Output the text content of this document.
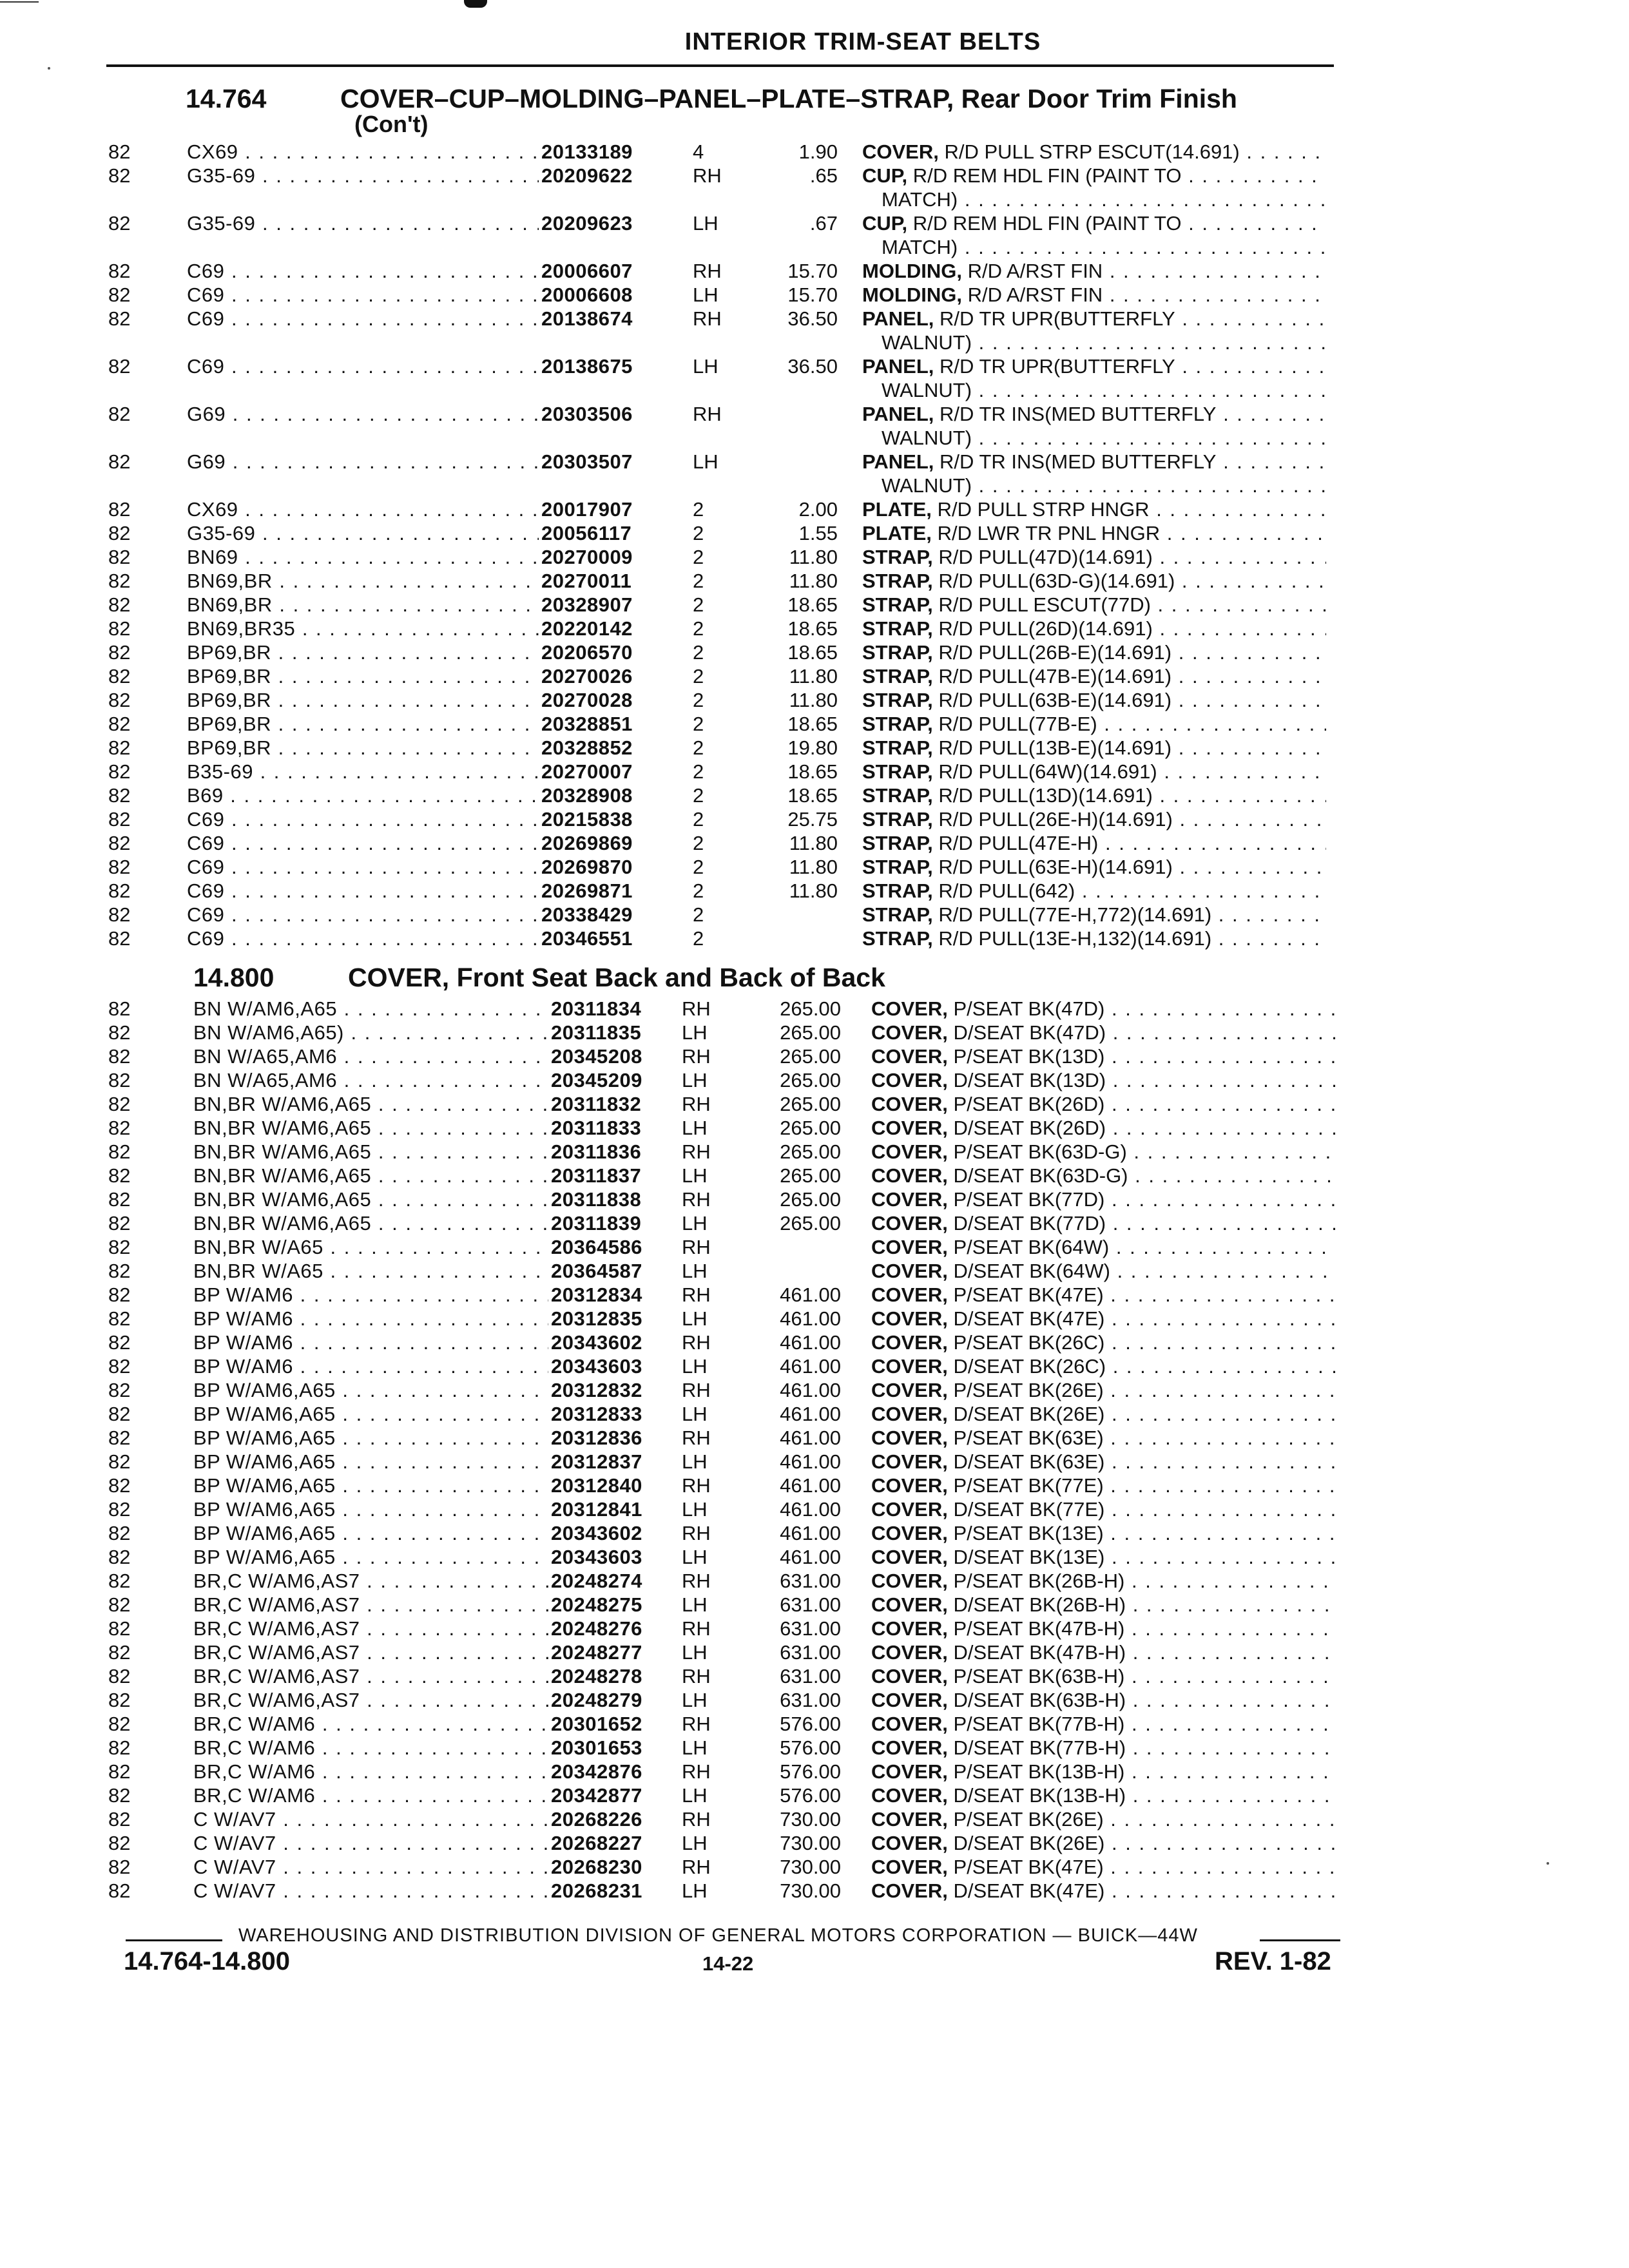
INTERIOR TRIM-SEAT BELTS
14.764	COVER–CUP–MOLDING–PANEL–PLATE–STRAP, Rear Door Trim Finish
(Con't)
82	CX69 . . .	20133189	4	1.90 COVER, R/D PULL STRP ESCUT(14.691) . . .
82	G35-69 . . .	20209622	RH	.65 CUP, R/D REM HDL FIN (PAINT TO . . .
MATCH) . . .
82	G35-69 . . .	20209623	LH	.67 CUP, R/D REM HDL FIN (PAINT TO . . .
MATCH) . . .
82	C69 . . .	20006607	RH	15.70 MOLDING, R/D A/RST FIN . . .
82	C69 . . .	20006608	LH	15.70 MOLDING, R/D A/RST FIN . . .
82	C69 . . .	20138674	RH	36.50 PANEL, R/D TR UPR(BUTTERFLY . . .
WALNUT) . . .
82	C69 . . .	20138675	LH	36.50 PANEL, R/D TR UPR(BUTTERFLY . . .
WALNUT) . . .
82	G69 . . .	20303506	RH	PANEL, R/D TR INS(MED BUTTERFLY . . .
WALNUT) . . .
82	G69 . . .	20303507	LH	PANEL, R/D TR INS(MED BUTTERFLY . . .
WALNUT) . . .
82	CX69 . . .	20017907	2	2.00 PLATE, R/D PULL STRP HNGR . . .
82	G35-69 . . .	20056117	2	1.55 PLATE, R/D LWR TR PNL HNGR . . .
82	BN69 . . .	20270009	2	11.80 STRAP, R/D PULL(47D)(14.691) . . .
82	BN69,BR . . .	20270011	2	11.80 STRAP, R/D PULL(63D-G)(14.691) . . .
82	BN69,BR . . .	20328907	2	18.65 STRAP, R/D PULL ESCUT(77D) . . .
82	BN69,BR35 . . .	20220142	2	18.65 STRAP, R/D PULL(26D)(14.691) . . .
82	BP69,BR . . .	20206570	2	18.65 STRAP, R/D PULL(26B-E)(14.691) . . .
82	BP69,BR . . .	20270026	2	11.80 STRAP, R/D PULL(47B-E)(14.691) . . .
82	BP69,BR . . .	20270028	2	11.80 STRAP, R/D PULL(63B-E)(14.691) . . .
82	BP69,BR . . .	20328851	2	18.65 STRAP, R/D PULL(77B-E) . . .
82	BP69,BR . . .	20328852	2	19.80 STRAP, R/D PULL(13B-E)(14.691) . . .
82	B35-69 . . .	20270007	2	18.65 STRAP, R/D PULL(64W)(14.691) . . .
82	B69 . . .	20328908	2	18.65 STRAP, R/D PULL(13D)(14.691) . . .
82	C69 . . .	20215838	2	25.75 STRAP, R/D PULL(26E-H)(14.691) . . .
82	C69 . . .	20269869	2	11.80 STRAP, R/D PULL(47E-H) . . .
82	C69 . . .	20269870	2	11.80 STRAP, R/D PULL(63E-H)(14.691) . . .
82	C69 . . .	20269871	2	11.80 STRAP, R/D PULL(642) . . .
82	C69 . . .	20338429	2	STRAP, R/D PULL(77E-H,772)(14.691) . . .
82	C69 . . .	20346551	2	STRAP, R/D PULL(13E-H,132)(14.691) . . .
14.800	COVER, Front Seat Back and Back of Back
82	BN W/AM6,A65 . . .	20311834 RH	265.00 COVER, P/SEAT BK(47D) . . .
82	BN W/AM6,A65) . . .	20311835 LH	265.00 COVER, D/SEAT BK(47D) . . .
82	BN W/A65,AM6 . . .	20345208 RH	265.00 COVER, P/SEAT BK(13D) . . .
82	BN W/A65,AM6 . . .	20345209 LH	265.00 COVER, D/SEAT BK(13D) . . .
82	BN,BR W/AM6,A65 . . .	20311832 RH	265.00 COVER, P/SEAT BK(26D) . . .
82	BN,BR W/AM6,A65 . . .	20311833 LH	265.00 COVER, D/SEAT BK(26D) . . .
82	BN,BR W/AM6,A65 . . .	20311836 RH	265.00 COVER, P/SEAT BK(63D-G) . . .
82	BN,BR W/AM6,A65 . . .	20311837 LH	265.00 COVER, D/SEAT BK(63D-G) . . .
82	BN,BR W/AM6,A65 . . .	20311838 RH	265.00 COVER, P/SEAT BK(77D) . . .
82	BN,BR W/AM6,A65 . . .	20311839 LH	265.00 COVER, D/SEAT BK(77D) . . .
82	BN,BR W/A65 . . .	20364586 RH	COVER, P/SEAT BK(64W) . . .
82	BN,BR W/A65 . . .	20364587 LH	COVER, D/SEAT BK(64W) . . .
82	BP W/AM6 . . .	20312834 RH	461.00 COVER, P/SEAT BK(47E) . . .
82	BP W/AM6 . . .	20312835 LH	461.00 COVER, D/SEAT BK(47E) . . .
82	BP W/AM6 . . .	20343602 RH	461.00 COVER, P/SEAT BK(26C) . . .
82	BP W/AM6 . . .	20343603 LH	461.00 COVER, D/SEAT BK(26C) . . .
82	BP W/AM6,A65 . . .	20312832 RH	461.00 COVER, P/SEAT BK(26E) . . .
82	BP W/AM6,A65 . . .	20312833 LH	461.00 COVER, D/SEAT BK(26E) . . .
82	BP W/AM6,A65 . . .	20312836 RH	461.00 COVER, P/SEAT BK(63E) . . .
82	BP W/AM6,A65 . . .	20312837 LH	461.00 COVER, D/SEAT BK(63E) . . .
82	BP W/AM6,A65 . . .	20312840 RH	461.00 COVER, P/SEAT BK(77E) . . .
82	BP W/AM6,A65 . . .	20312841 LH	461.00 COVER, D/SEAT BK(77E) . . .
82	BP W/AM6,A65 . . .	20343602 RH	461.00 COVER, P/SEAT BK(13E) . . .
82	BP W/AM6,A65 . . .	20343603 LH	461.00 COVER, D/SEAT BK(13E) . . .
82	BR,C W/AM6,AS7 . . .	20248274 RH	631.00 COVER, P/SEAT BK(26B-H) . . .
82	BR,C W/AM6,AS7 . . .	20248275 LH	631.00 COVER, D/SEAT BK(26B-H) . . .
82	BR,C W/AM6,AS7 . . .	20248276 RH	631.00 COVER, P/SEAT BK(47B-H) . . .
82	BR,C W/AM6,AS7 . . .	20248277 LH	631.00 COVER, D/SEAT BK(47B-H) . . .
82	BR,C W/AM6,AS7 . . .	20248278 RH	631.00 COVER, P/SEAT BK(63B-H) . . .
82	BR,C W/AM6,AS7 . . .	20248279 LH	631.00 COVER, D/SEAT BK(63B-H) . . .
82	BR,C W/AM6 . . .	20301652 RH	576.00 COVER, P/SEAT BK(77B-H) . . .
82	BR,C W/AM6 . . .	20301653 LH	576.00 COVER, D/SEAT BK(77B-H) . . .
82	BR,C W/AM6 . . .	20342876 RH	576.00 COVER, P/SEAT BK(13B-H) . . .
82	BR,C W/AM6 . . .	20342877 LH	576.00 COVER, D/SEAT BK(13B-H) . . .
82	C W/AV7 . . .	20268226 RH	730.00 COVER, P/SEAT BK(26E) . . .
82	C W/AV7 . . .	20268227 LH	730.00 COVER, D/SEAT BK(26E) . . .
82	C W/AV7 . . .	20268230 RH	730.00 COVER, P/SEAT BK(47E) . . .
82	C W/AV7 . . .	20268231 LH	730.00 COVER, D/SEAT BK(47E) . . .
WAREHOUSING AND DISTRIBUTION DIVISION OF GENERAL MOTORS CORPORATION — BUICK—44W
14.764-14.800	14-22	REV. 1-82
